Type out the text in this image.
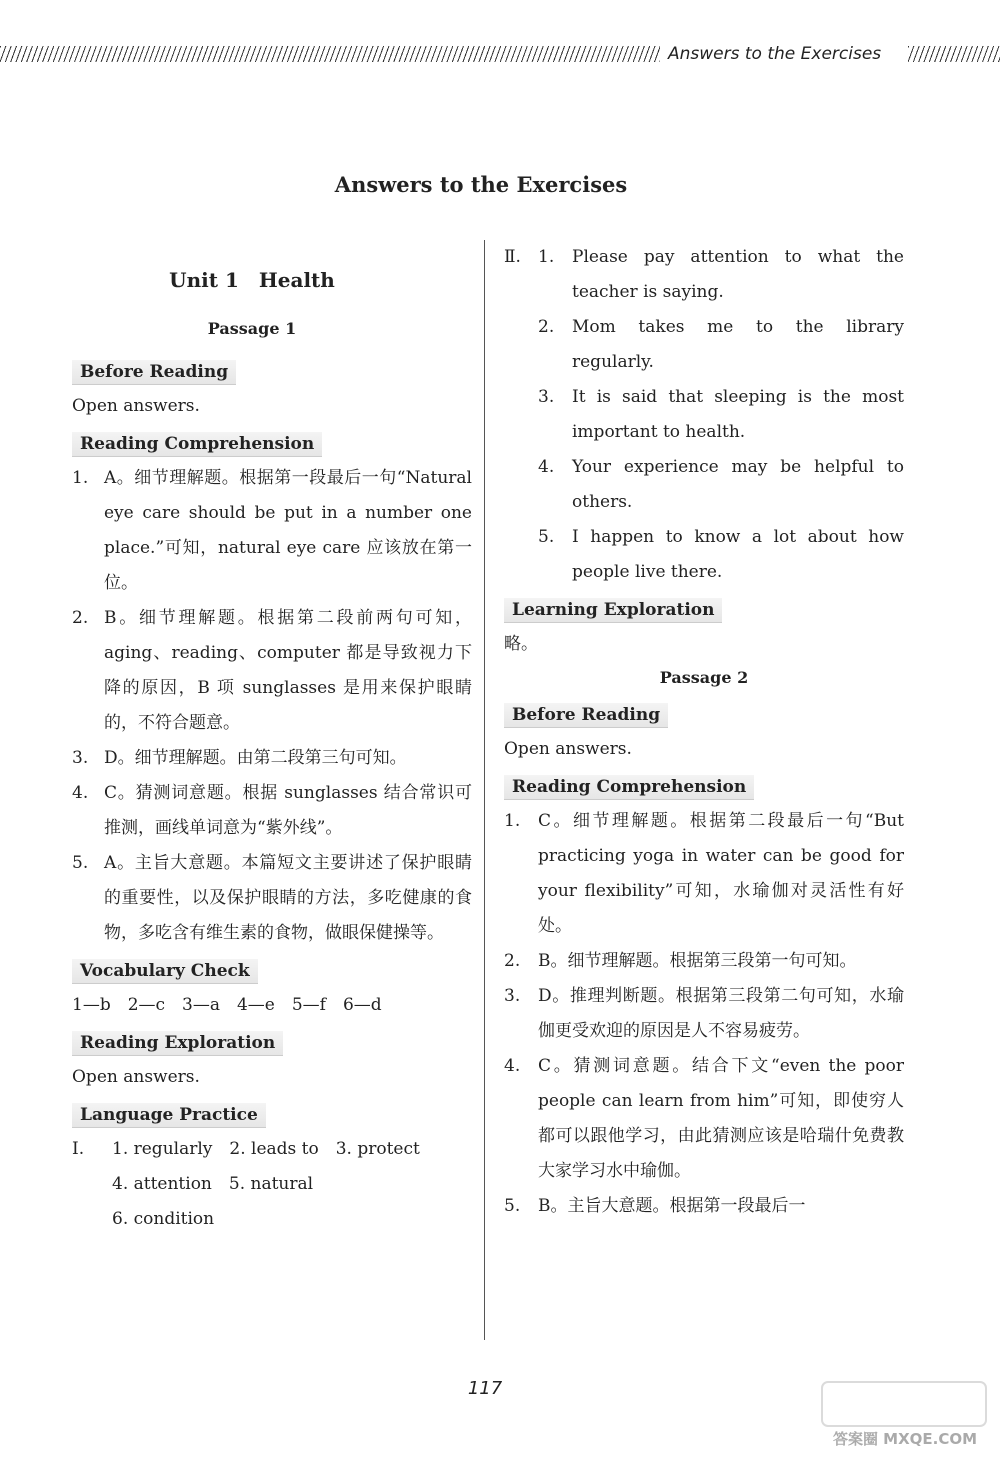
Answers to the Exercises
Answers to the Exercises
Unit 1　Health
Passage 1
Before Reading

Open answers.

Reading Comprehension
1. A。细节理解题。根据第一段最后一句“Natural eye care should be put in a number one place.”可知，natural eye care 应该放在第一位。
2. B。细节理解题。根据第二段前两句可知，aging、reading、computer 都是导致视力下降的原因，B 项 sunglasses 是用来保护眼睛的，不符合题意。
3. D。细节理解题。由第二段第三句可知。
4. C。猜测词意题。根据 sunglasses 结合常识可推测，画线单词意为“紫外线”。
5. A。主旨大意题。本篇短文主要讲述了保护眼睛的重要性，以及保护眼睛的方法，多吃健康的食物，多吃含有维生素的食物，做眼保健操等。
Vocabulary Check

1—b　2—c　3—a　4—e　5—f　6—d

Reading Exploration

Open answers.

Language Practice
Ⅰ.	1. regularly　2. leads to　3. protect
4. attention　5. natural
6. condition
Ⅱ.	1.	Please pay attention to what the teacher is saying.
2.	Mom takes me to the library regularly.
3.	It is said that sleeping is the most important to health.
4.	Your experience may be helpful to others.
5.	I happen to know a lot about how people live there.
Learning Exploration

略。

Passage 2
Before Reading

Open answers.

Reading Comprehension
1.	C。细节理解题。根据第二段最后一句“But practicing yoga in water can be good for your flexibility”可知，水瑜伽对灵活性有好处。
2.	B。细节理解题。根据第三段第一句可知。
3.	D。推理判断题。根据第三段第二句可知，水瑜伽更受欢迎的原因是人不容易疲劳。
4.	C。猜测词意题。结合下文“even the poor people can learn from him”可知，即使穷人都可以跟他学习，由此猜测应该是哈瑞什免费教大家学习水中瑜伽。
5.	B。主旨大意题。根据第一段最后一
117
答案圈 MXQE.COM
